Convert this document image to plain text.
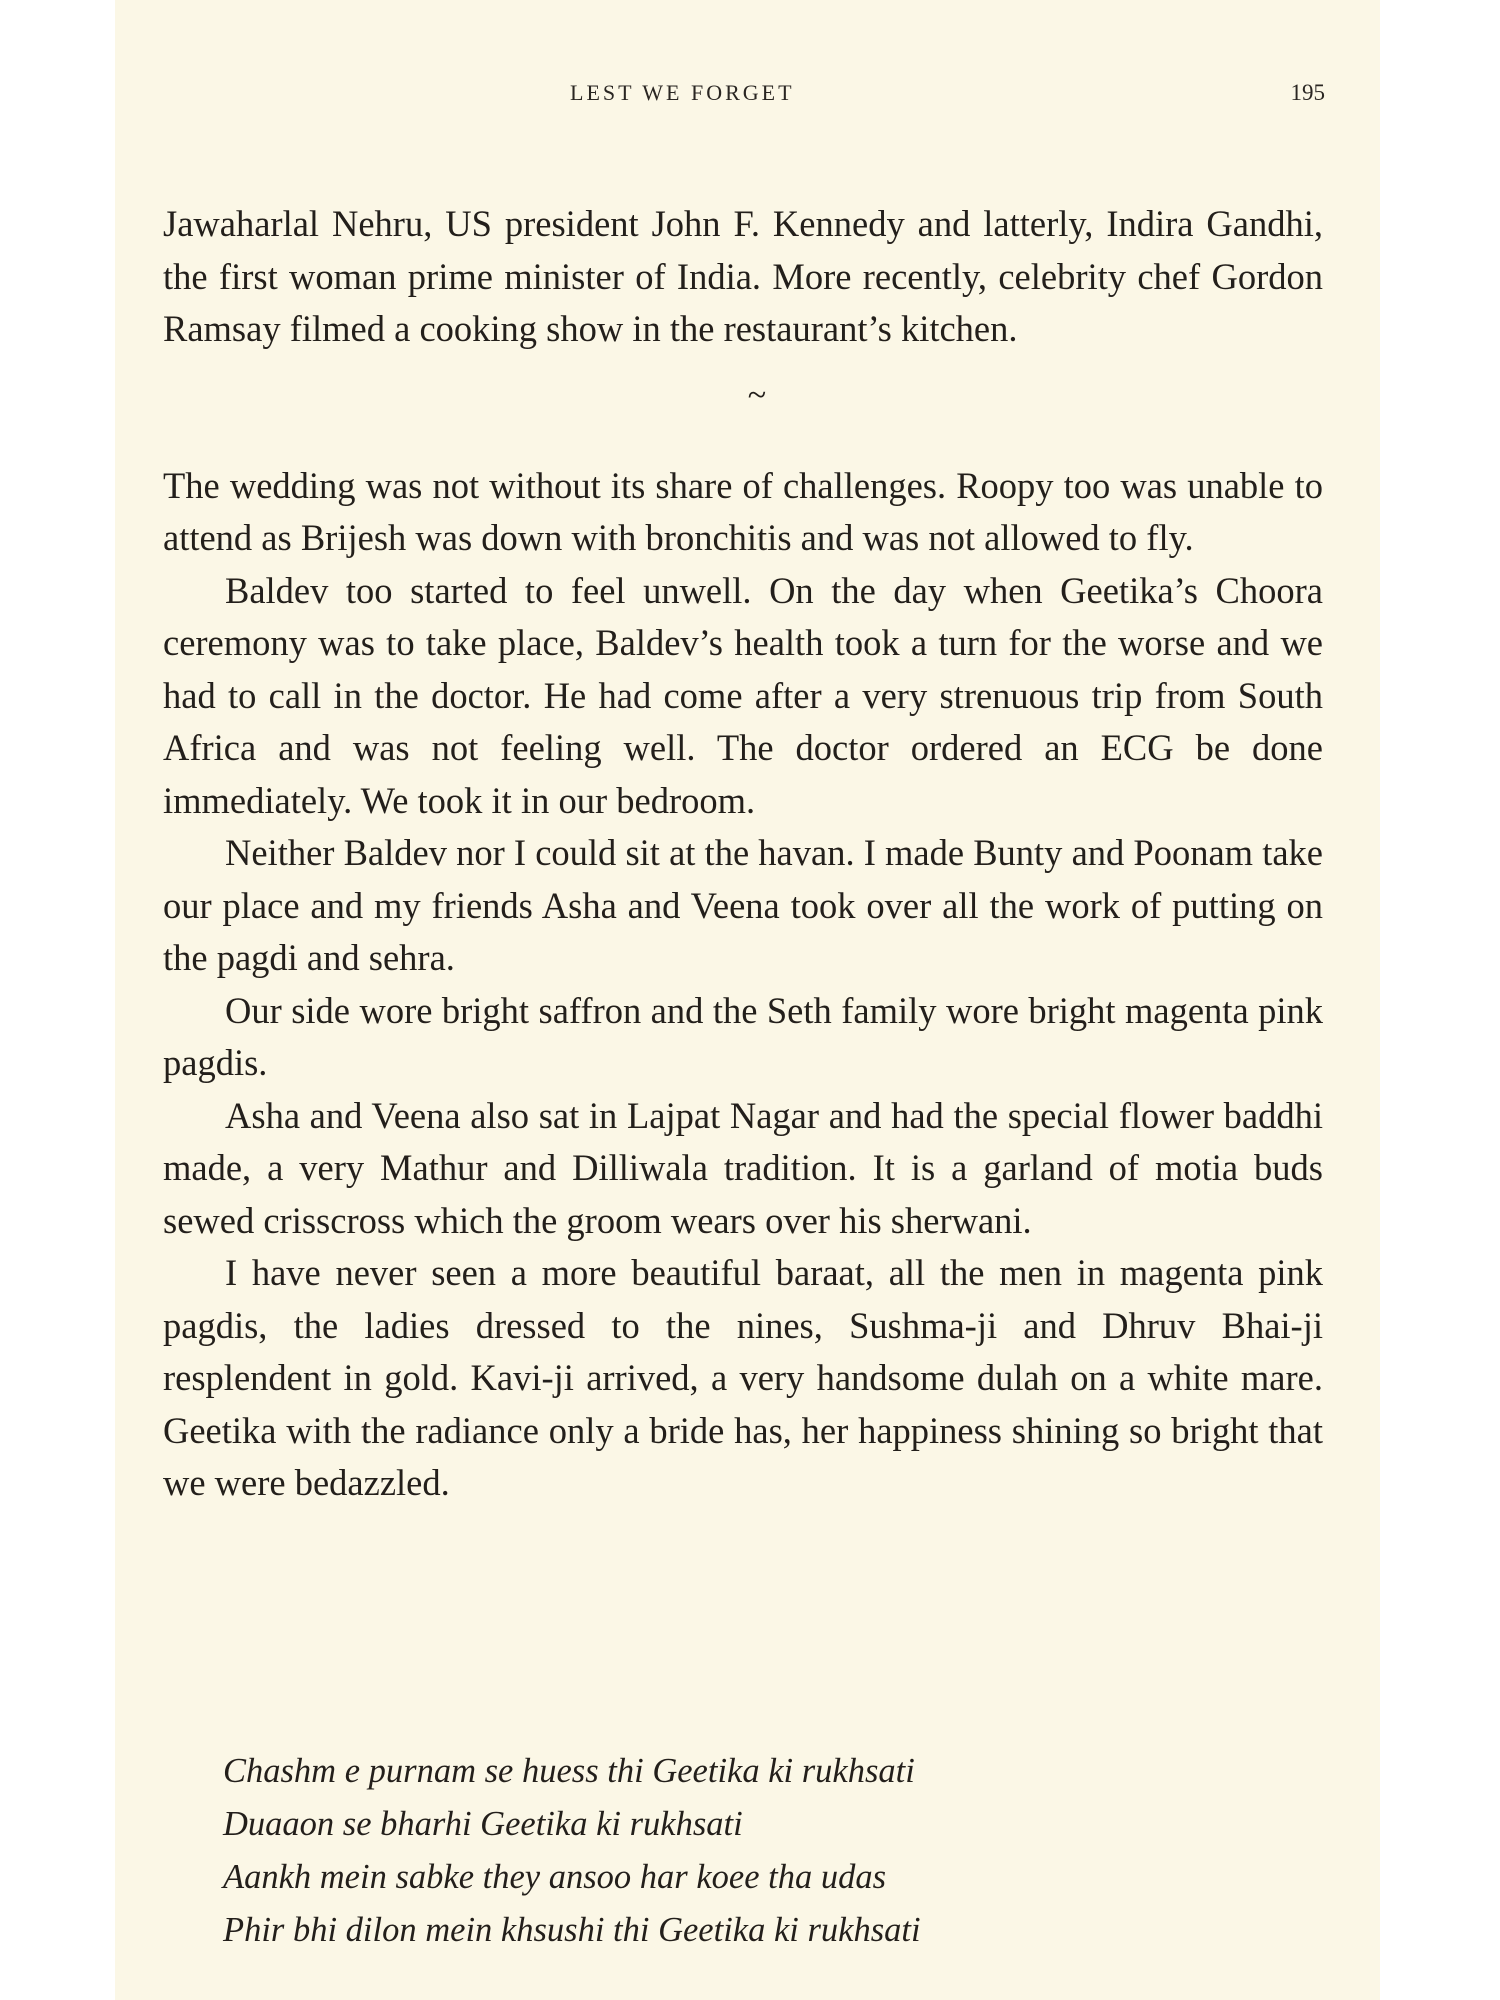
LEST WE FORGET	195

Jawaharlal Nehru, US president John F. Kennedy and latterly, Indira Gandhi, the first woman prime minister of India. More recently, celebrity chef Gordon Ramsay filmed a cooking show in the restaurant’s kitchen.

~

The wedding was not without its share of challenges. Roopy too was unable to attend as Brijesh was down with bronchitis and was not allowed to fly.

Baldev too started to feel unwell. On the day when Geetika’s Choora ceremony was to take place, Baldev’s health took a turn for the worse and we had to call in the doctor. He had come after a very strenuous trip from South Africa and was not feeling well. The doctor ordered an ECG be done immediately. We took it in our bedroom.

Neither Baldev nor I could sit at the havan. I made Bunty and Poonam take our place and my friends Asha and Veena took over all the work of putting on the pagdi and sehra.

Our side wore bright saffron and the Seth family wore bright magenta pink pagdis.

Asha and Veena also sat in Lajpat Nagar and had the special flower baddhi made, a very Mathur and Dilliwala tradition. It is a garland of motia buds sewed crisscross which the groom wears over his sherwani.

I have never seen a more beautiful baraat, all the men in magenta pink pagdis, the ladies dressed to the nines, Sushma-ji and Dhruv Bhai-ji resplendent in gold. Kavi-ji arrived, a very handsome dulah on a white mare. Geetika with the radiance only a bride has, her happiness shining so bright that we were bedazzled.

Chashm e purnam se huess thi Geetika ki rukhsati
Duaaon se bharhi Geetika ki rukhsati
Aankh mein sabke they ansoo har koee tha udas
Phir bhi dilon mein khsushi thi Geetika ki rukhsati
